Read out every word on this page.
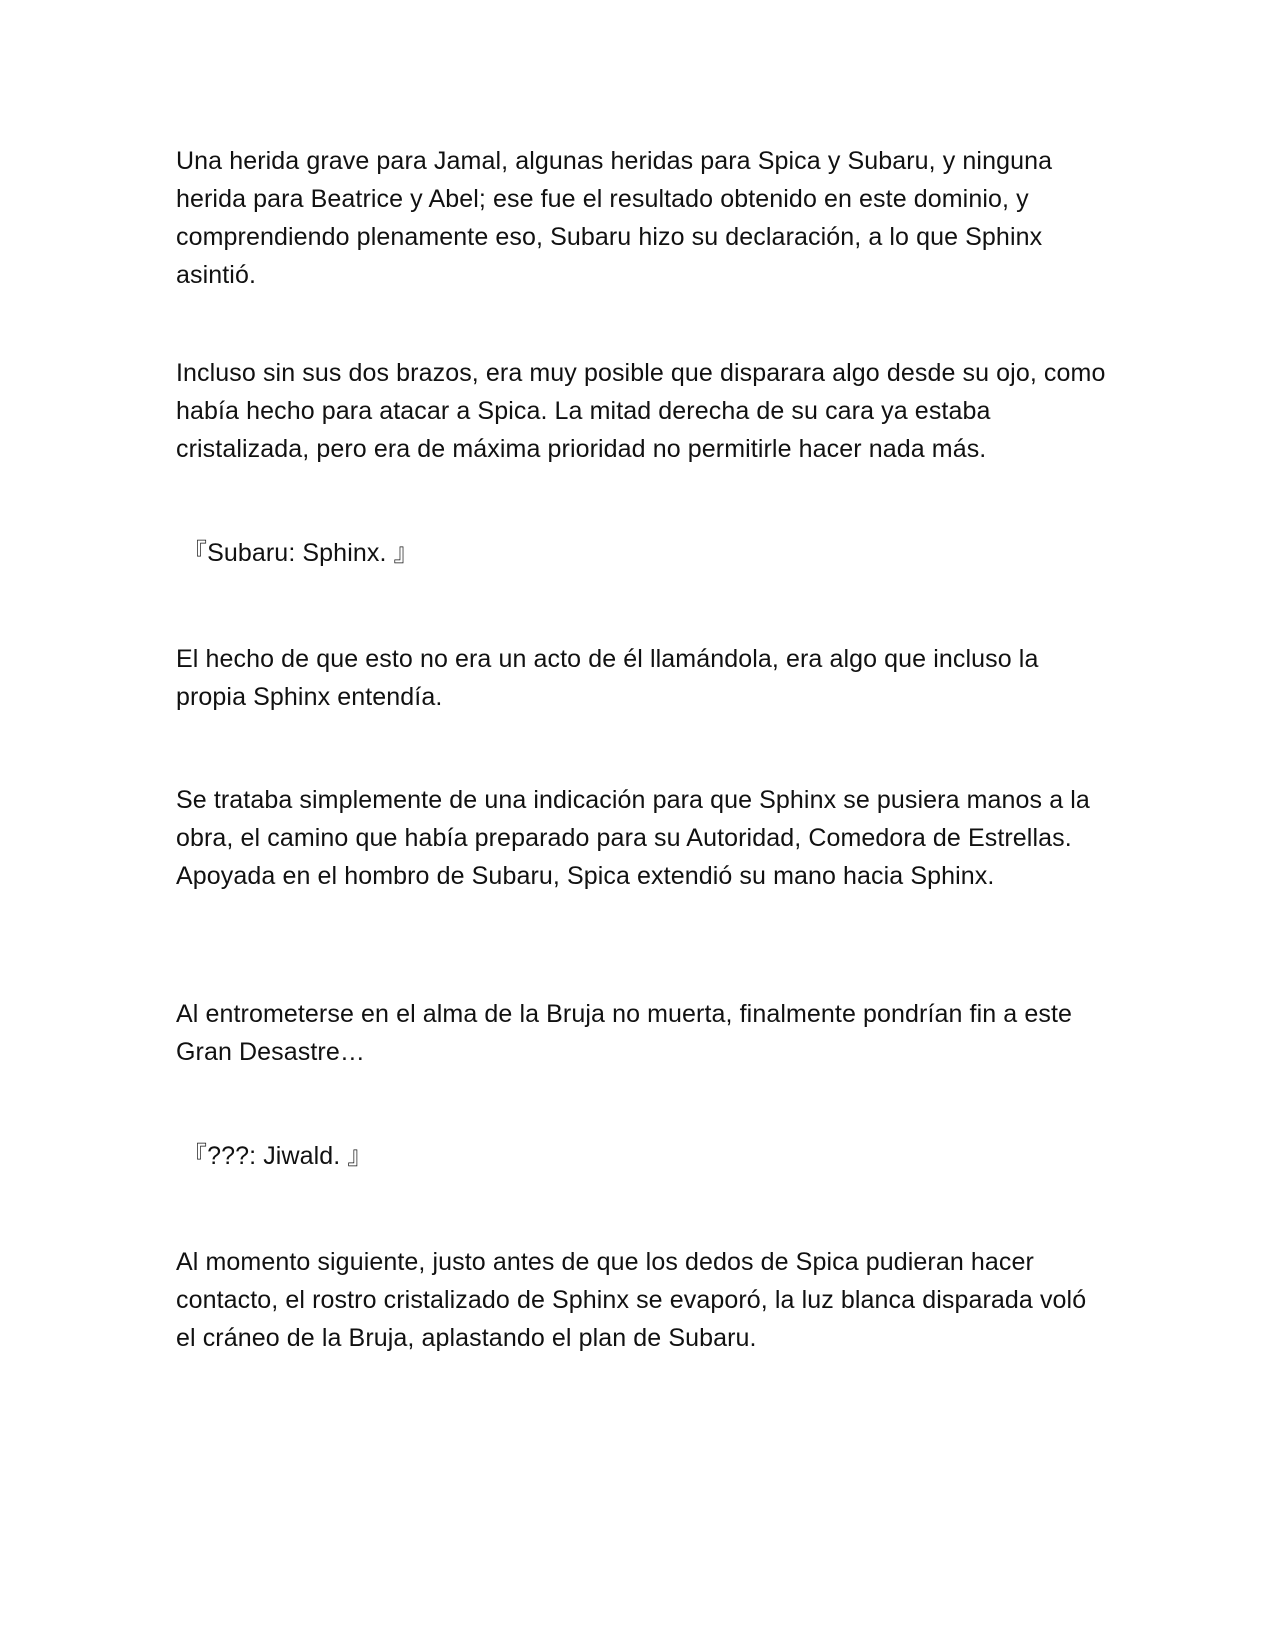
Una herida grave para Jamal, algunas heridas para Spica y Subaru, y ninguna herida para Beatrice y Abel; ese fue el resultado obtenido en este dominio, y comprendiendo plenamente eso, Subaru hizo su declaración, a lo que Sphinx asintió.

Incluso sin sus dos brazos, era muy posible que disparara algo desde su ojo, como había hecho para atacar a Spica. La mitad derecha de su cara ya estaba cristalizada, pero era de máxima prioridad no permitirle hacer nada más.

『Subaru: Sphinx. 』

El hecho de que esto no era un acto de él llamándola, era algo que incluso la propia Sphinx entendía.

Se trataba simplemente de una indicación para que Sphinx se pusiera manos a la obra, el camino que había preparado para su Autoridad, Comedora de Estrellas. Apoyada en el hombro de Subaru, Spica extendió su mano hacia Sphinx.

Al entrometerse en el alma de la Bruja no muerta, finalmente pondrían fin a este Gran Desastre…

『???: Jiwald. 』

Al momento siguiente, justo antes de que los dedos de Spica pudieran hacer contacto, el rostro cristalizado de Sphinx se evaporó, la luz blanca disparada voló el cráneo de la Bruja, aplastando el plan de Subaru.
